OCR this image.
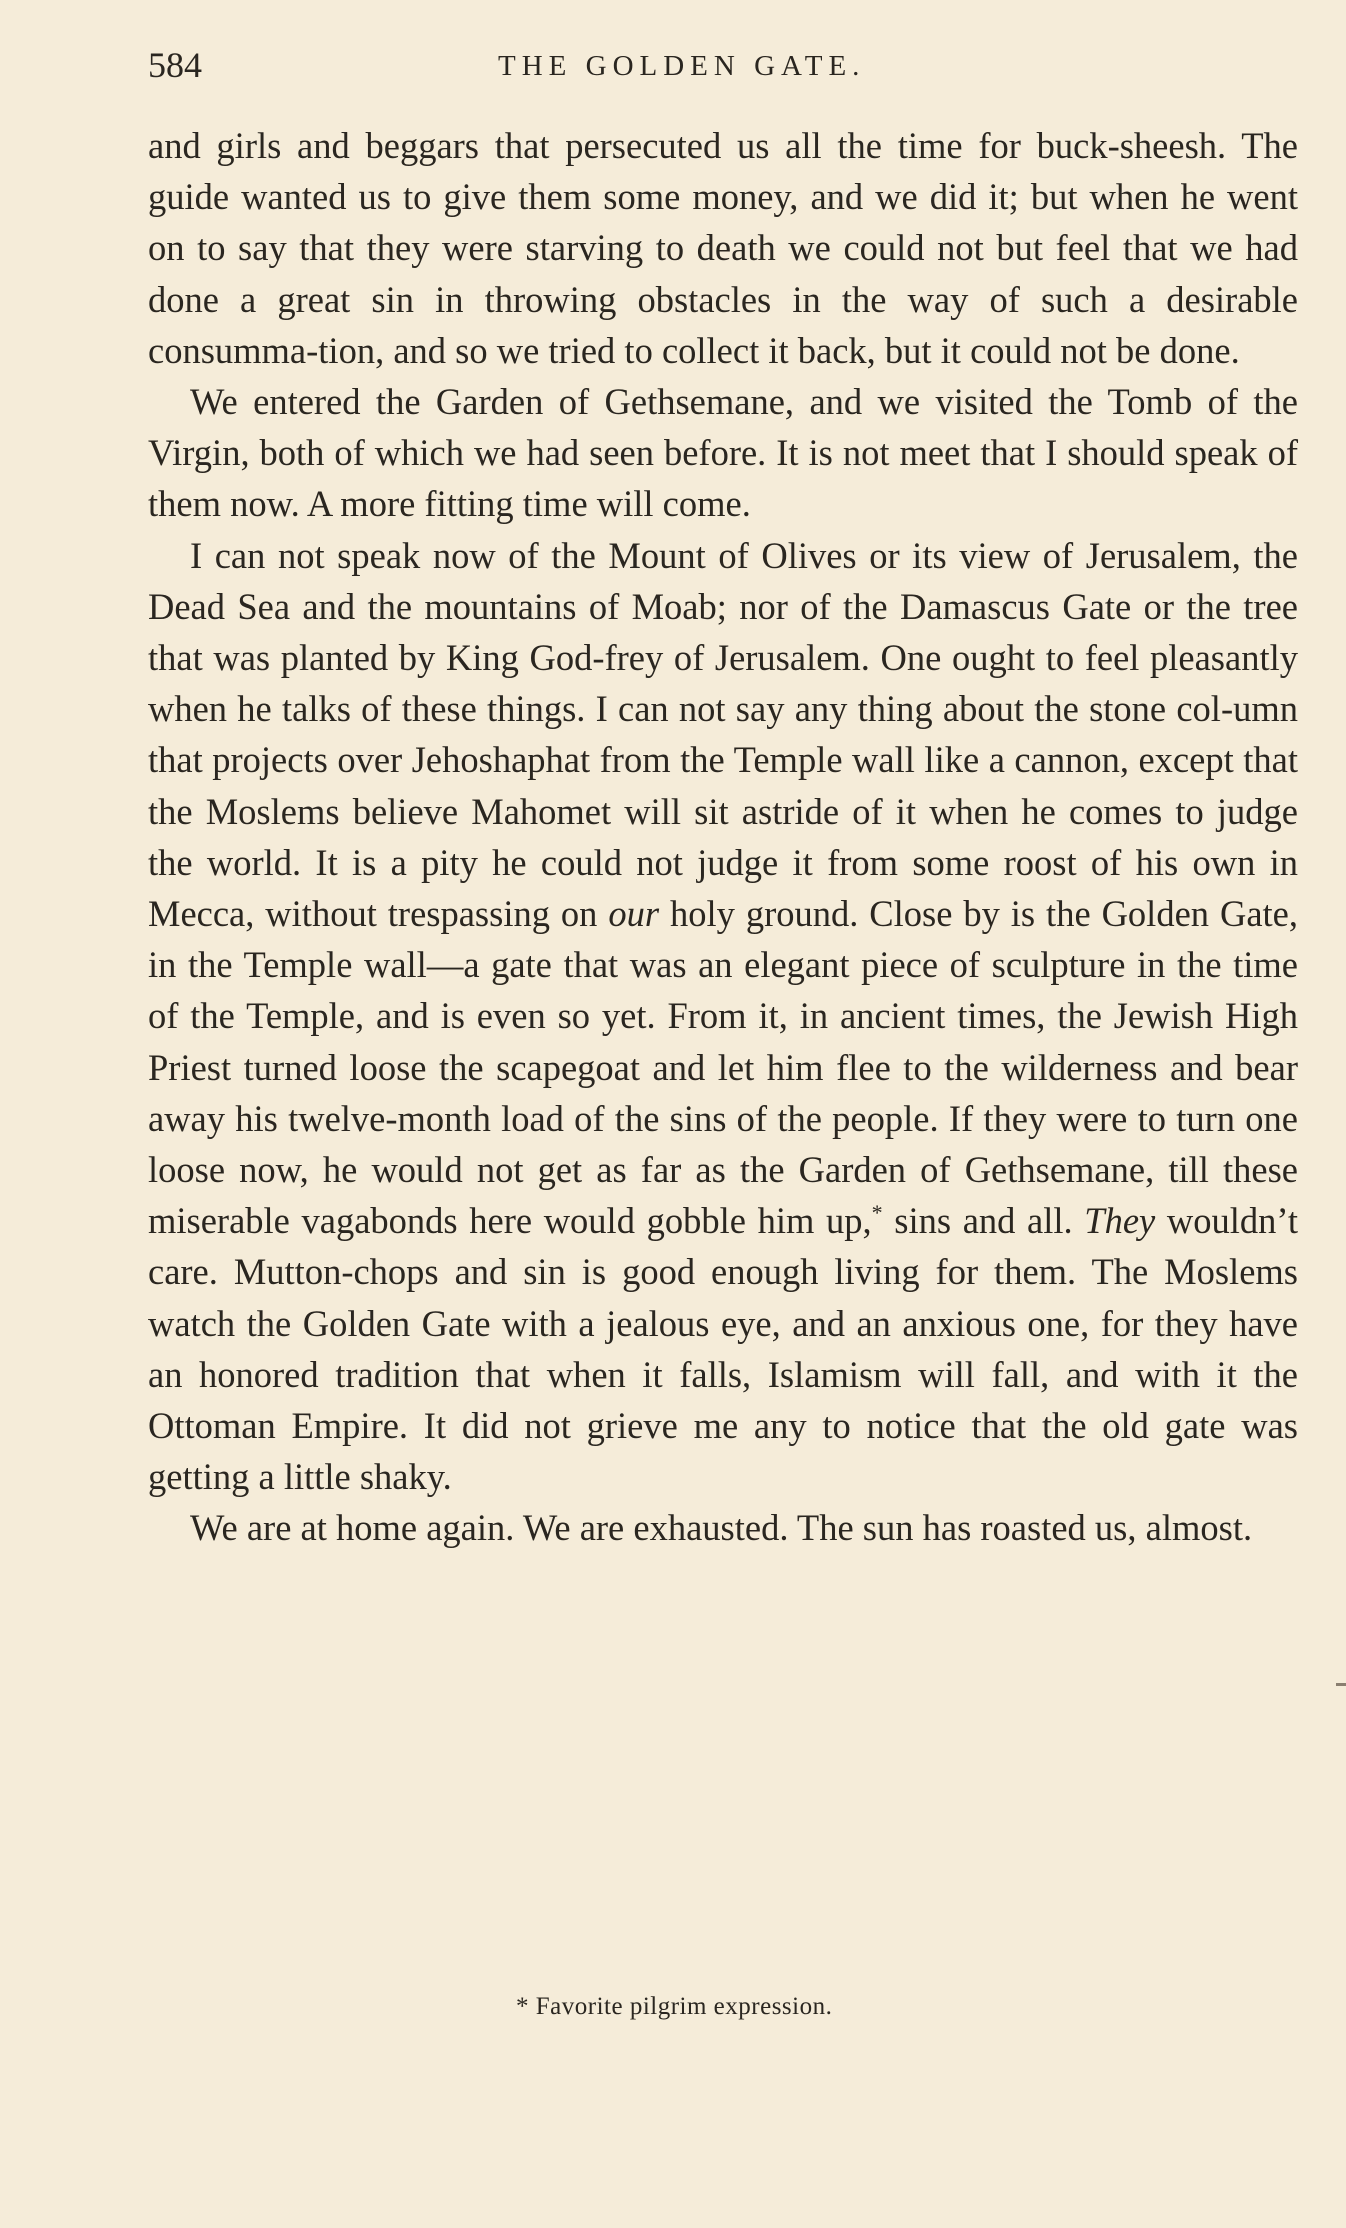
584	THE GOLDEN GATE.

and girls and beggars that persecuted us all the time for buck-sheesh. The guide wanted us to give them some money, and we did it; but when he went on to say that they were starving to death we could not but feel that we had done a great sin in throwing obstacles in the way of such a desirable consumma-tion, and so we tried to collect it back, but it could not be done.

We entered the Garden of Gethsemane, and we visited the Tomb of the Virgin, both of which we had seen before. It is not meet that I should speak of them now. A more fitting time will come.

I can not speak now of the Mount of Olives or its view of Jerusalem, the Dead Sea and the mountains of Moab; nor of the Damascus Gate or the tree that was planted by King God-frey of Jerusalem. One ought to feel pleasantly when he talks of these things. I can not say any thing about the stone col-umn that projects over Jehoshaphat from the Temple wall like a cannon, except that the Moslems believe Mahomet will sit astride of it when he comes to judge the world. It is a pity he could not judge it from some roost of his own in Mecca, without trespassing on our holy ground. Close by is the Golden Gate, in the Temple wall—a gate that was an elegant piece of sculpture in the time of the Temple, and is even so yet. From it, in ancient times, the Jewish High Priest turned loose the scapegoat and let him flee to the wilderness and bear away his twelve-month load of the sins of the people. If they were to turn one loose now, he would not get as far as the Garden of Gethsemane, till these miserable vagabonds here would gobble him up,* sins and all. They wouldn’t care. Mutton-chops and sin is good enough living for them. The Moslems watch the Golden Gate with a jealous eye, and an anxious one, for they have an honored tradition that when it falls, Islamism will fall, and with it the Ottoman Empire. It did not grieve me any to notice that the old gate was getting a little shaky.

We are at home again. We are exhausted. The sun has roasted us, almost.

* Favorite pilgrim expression.
